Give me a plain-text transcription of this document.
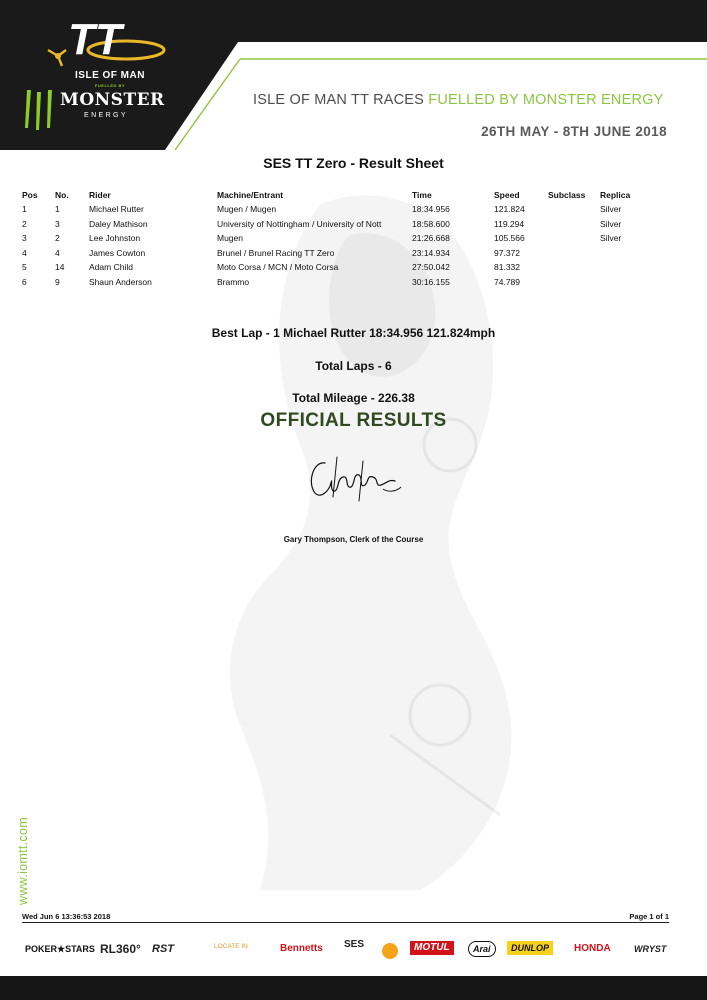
TT
ISLE OF MAN
FUELLED BY
MONSTER
ENERGY
ISLE OF MAN TT RACES FUELLED BY MONSTER ENERGY
26TH MAY - 8TH JUNE 2018
www.iomtt.com
SES TT Zero - Result Sheet
Pos	No.	Rider	Machine/Entrant	Time	Speed	Subclass	Replica
1	1	Michael Rutter	Mugen / Mugen	18:34.956	121.824		Silver
2	3	Daley Mathison	University of Nottingham / University of Nott	18:58.600	119.294		Silver
3	2	Lee Johnston	Mugen	21:26.668	105.566		Silver
4	4	James Cowton	Brunel / Brunel Racing TT Zero	23:14.934	97.372		
5	14	Adam Child	Moto Corsa / MCN / Moto Corsa	27:50.042	81.332		
6	9	Shaun Anderson	Brammo	30:16.155	74.789		
Best Lap - 1 Michael Rutter 18:34.956 121.824mph
Total Laps - 6
Total Mileage - 226.38
OFFICIAL RESULTS
Gary Thompson, Clerk of the Course
Wed Jun 6 13:36:53 2018	Page 1 of 1
POKER★STARS RL360° RST	LOCATE IN	Bennetts SES	MOTUL	Arai	DUNLOP	HONDA	WRYST
